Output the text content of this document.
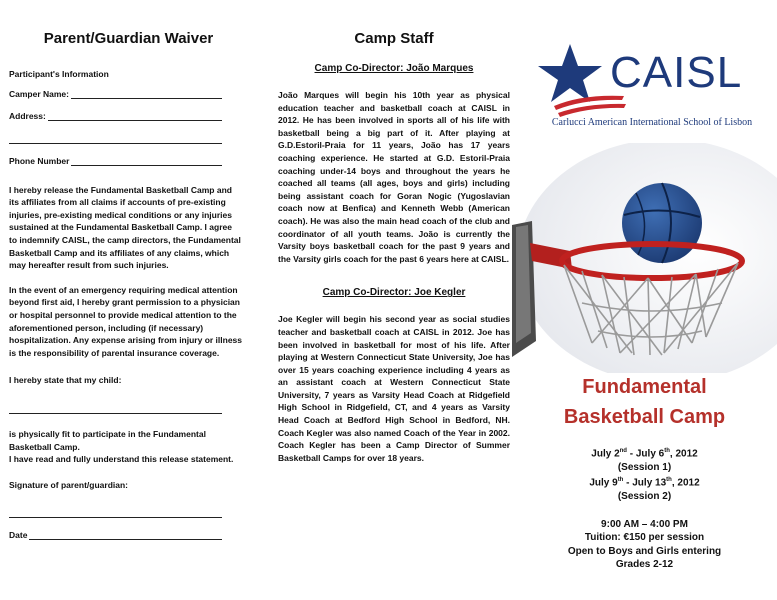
Parent/Guardian Waiver
Participant's Information
Camper Name:
Address:
Phone Number

I hereby release the Fundamental Basketball Camp and its affiliates from all claims if accounts of pre-existing injuries, pre-existing medical conditions or any injuries sustained at the Fundamental Basketball Camp. I agree to indemnify CAISL, the camp directors, the Fundamental Basketball Camp and its affiliates of any claims, which may hereafter result from such injuries.

In the event of an emergency requiring medical attention beyond first aid, I hereby grant permission to a physician or hospital personnel to provide medical attention to the aforementioned person, including (if necessary) hospitalization. Any expense arising from injury or illness is the responsibility of parental insurance coverage.

I hereby state that my child:

is physically fit to participate in the Fundamental Basketball Camp.

I have read and fully understand this release statement.

Signature of parent/guardian:
Date
Camp Staff
Camp Co-Director: João Marques

João Marques will begin his 10th year as physical education teacher and basketball coach at CAISL in 2012. He has been involved in sports all of his life with basketball being a big part of it. After playing at G.D.Estoril-Praia for 11 years, João has 17 years coaching experience. He started at G.D. Estoril-Praia coaching under-14 boys and throughout the years he coached all teams (all ages, boys and girls) including being assistant coach for Goran Nogic (Yugoslavian coach now at Benfica) and Kenneth Webb (American coach). He was also the main head coach of the club and coordinator of all youth teams. João is currently the Varsity boys basketball coach for the past 9 years and the Varsity girls coach for the past 6 years here at CAISL.

Camp Co-Director: Joe Kegler

Joe Kegler will begin his second year as social studies teacher and basketball coach at CAISL in 2012. Joe has been involved in basketball for most of his life. After playing at Western Connecticut State University, Joe has over 15 years coaching experience including 4 years as an assistant coach at Western Connecticut State University, 7 years as Varsity Head Coach at Ridgefield High School in Ridgefield, CT, and 4 years as Varsity Head Coach at Bedford High School in Bedford, NH. Coach Kegler was also named Coach of the Year in 2002. Coach Kegler has been a Camp Director of Summer Basketball Camps for over 18 years.

CAISL
Carlucci American International School of Lisbon
Fundamental
Basketball Camp
July 2nd - July 6th, 2012
(Session 1)
July 9th - July 13th, 2012
(Session 2)
9:00 AM – 4:00 PM
Tuition: €150 per session
Open to Boys and Girls entering
Grades 2-12
